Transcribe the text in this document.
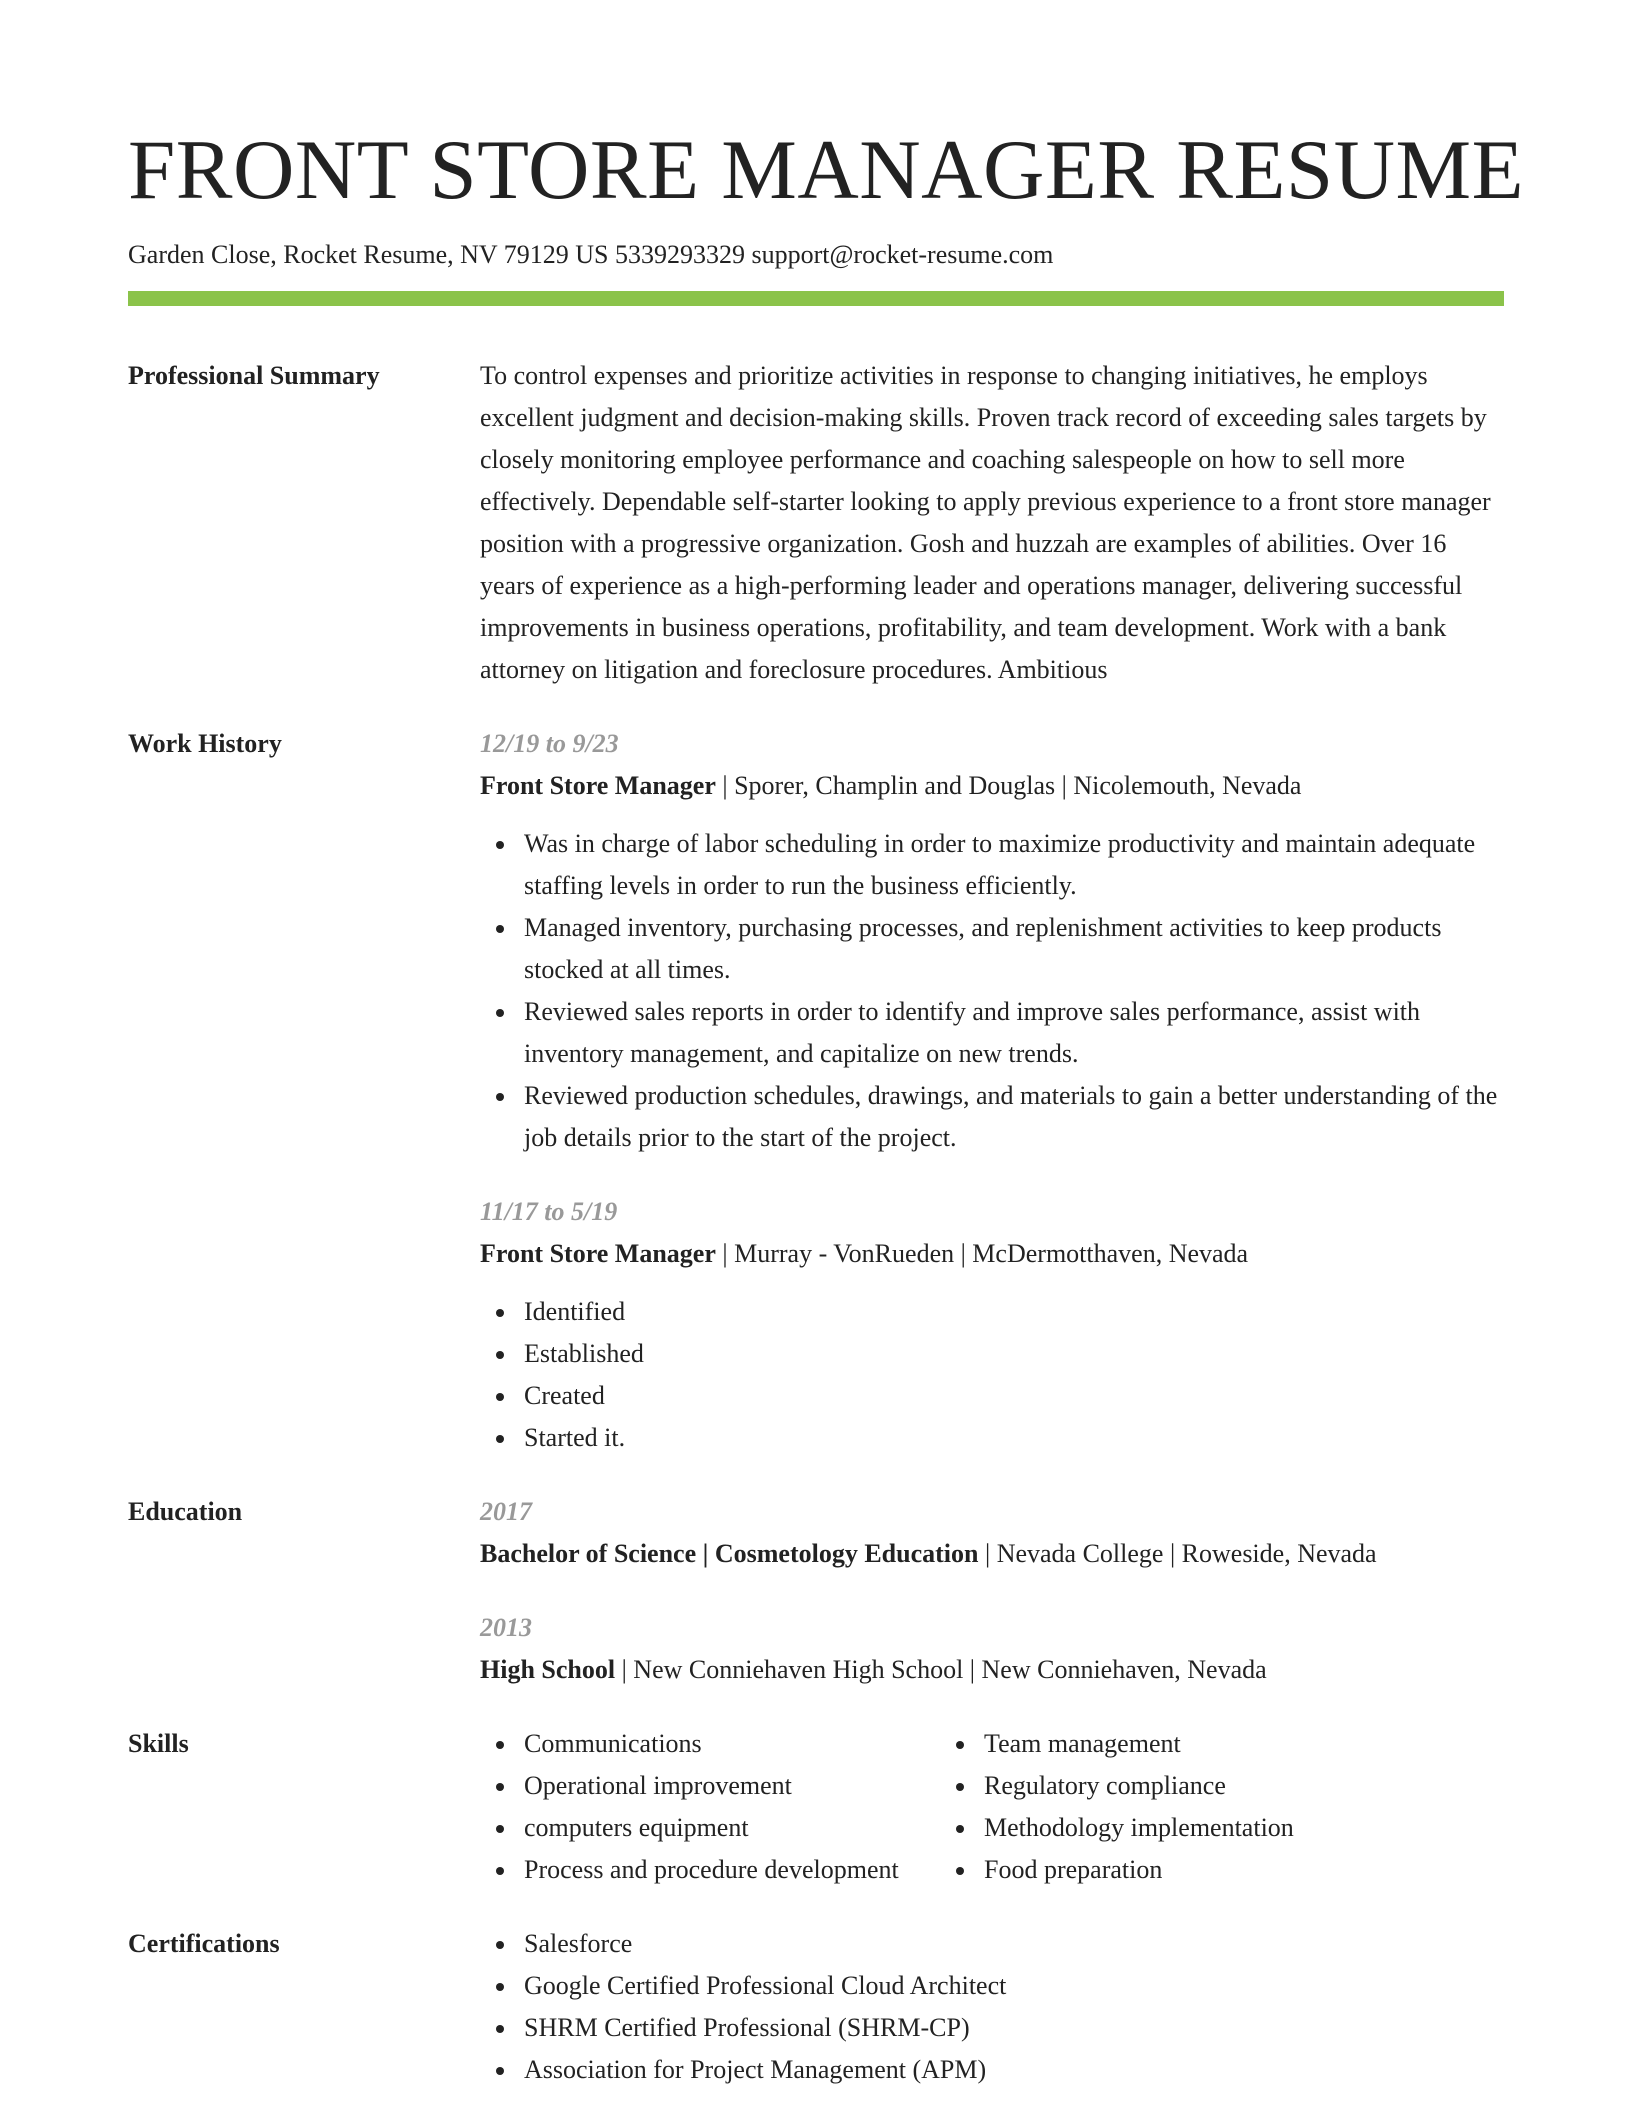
FRONT STORE MANAGER RESUME
Garden Close, Rocket Resume, NV 79129 US 5339293329 support@rocket-resume.com
Professional Summary	To control expenses and prioritize activities in response to changing initiatives, he employs excellent judgment and decision-making skills. Proven track record of exceeding sales targets by closely monitoring employee performance and coaching salespeople on how to sell more effectively. Dependable self-starter looking to apply previous experience to a front store manager position with a progressive organization. Gosh and huzzah are examples of abilities. Over 16 years of experience as a high-performing leader and operations manager, delivering successful improvements in business operations, profitability, and team development. Work with a bank attorney on litigation and foreclosure procedures. Ambitious

Work History	12/19 to 9/23
Front Store Manager | Sporer, Champlin and Douglas | Nicolemouth, Nevada
Was in charge of labor scheduling in order to maximize productivity and maintain adequate staffing levels in order to run the business efficiently.
Managed inventory, purchasing processes, and replenishment activities to keep products stocked at all times.
Reviewed sales reports in order to identify and improve sales performance, assist with inventory management, and capitalize on new trends.
Reviewed production schedules, drawings, and materials to gain a better understanding of the job details prior to the start of the project.
11/17 to 5/19
Front Store Manager | Murray - VonRueden | McDermotthaven, Nevada
Identified
Established
Created
Started it.
Education	2017
Bachelor of Science | Cosmetology Education | Nevada College | Roweside, Nevada
2013
High School | New Conniehaven High School | New Conniehaven, Nevada
Skills	Communications
Operational improvement
computers equipment
Process and procedure development
Team management
Regulatory compliance
Methodology implementation
Food preparation
Certifications	Salesforce
Google Certified Professional Cloud Architect
SHRM Certified Professional (SHRM-CP)
Association for Project Management (APM)
